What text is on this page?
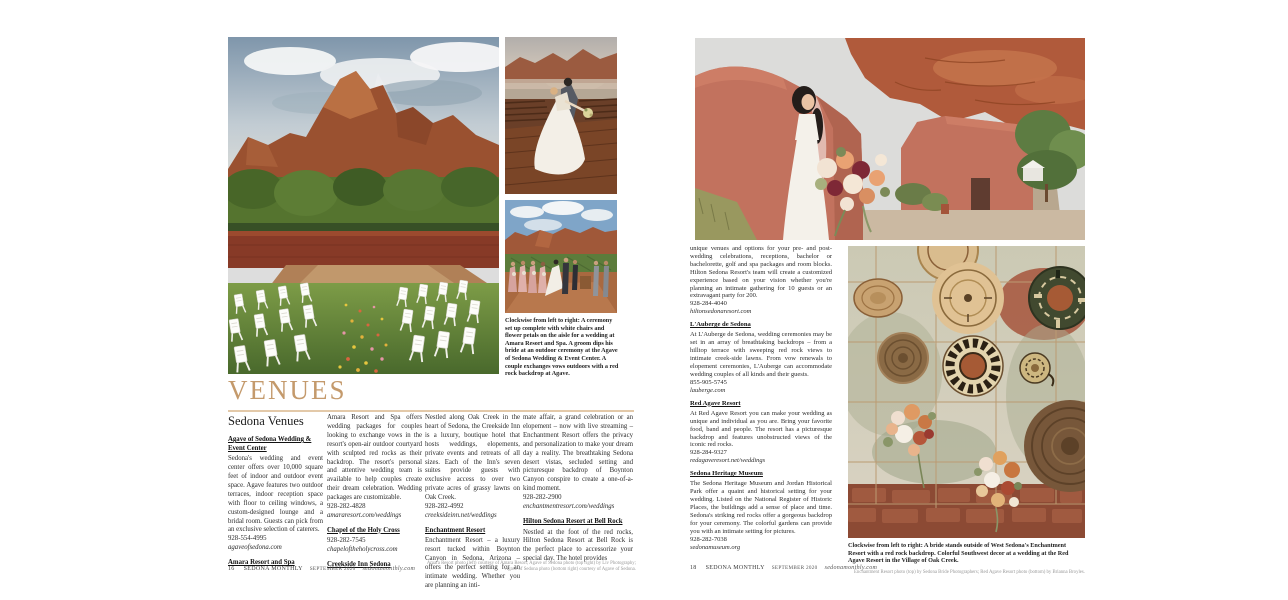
Clockwise from left to right: A ceremony set up complete with white chairs and flower petals on the aisle for a wedding at Amara Resort and Spa. A groom dips his bride at an outdoor ceremony at the Agave of Sedona Wedding & Event Center. A couple exchanges vows outdoors with a red rock backdrop at Agave.
VENUES
Sedona Venues
Agave of Sedona Wedding & Event Center
Sedona's wedding and event center offers over 10,000 square feet of indoor and outdoor event space. Agave features two outdoor terraces, indoor reception space with floor to ceiling windows, a custom-designed lounge and a bridal room. Guests can pick from an exclusive selection of caterers.
928-554-4995
agaveofsedona.com
Amara Resort and Spa
Amara Resort and Spa offers wedding packages for couples looking to exchange vows in the resort's open-air outdoor courtyard with sculpted red rocks as their backdrop. The resort's personal and attentive wedding team is available to help couples create their dream celebration. Wedding packages are customizable.
928-282-4828
amararesort.com/weddings
Chapel of the Holy Cross
928-282-7545
chapeloftheholycross.com
Creekside Inn Sedona
Nestled along Oak Creek in the heart of Sedona, the Creekside Inn is a luxury, boutique hotel that hosts weddings, elopements, private events and retreats of all sizes. Each of the Inn's seven suites provide guests with exclusive access to over two private acres of grassy lawns on Oak Creek.
928-282-4992
creeksideinn.net/weddings
Enchantment Resort
Enchantment Resort – a luxury resort tucked within Boynton Canyon in Sedona, Arizona – offers the perfect setting for an intimate wedding. Whether you are planning an inti-
mate affair, a grand celebration or an elopement – now with live streaming – Enchantment Resort offers the privacy and personalization to make your dream day a reality. The breathtaking Sedona desert vistas, secluded setting and picturesque backdrop of Boynton Canyon conspire to create a one-of-a-kind moment.
928-282-2900
enchantmentresort.com/weddings
Hilton Sedona Resort at Bell Rock
Nestled at the foot of the red rocks, Hilton Sedona Resort at Bell Rock is the perfect place to accessorize your special day. The hotel provides
16 SEDONA MONTHLY SEPTEMBER 2020 sedonamonthly.com
Amara Resort photo (left) courtesy of Amara Resort; Agave of Sedona photo (top right) by Liv Photography;
Agave of Sedona photo (bottom right) courtesy of Agave of Sedona.
unique venues and options for your pre- and post-wedding celebrations, receptions, bachelor or bachelorette, golf and spa packages and room blocks. Hilton Sedona Resort's team will create a customized experience based on your vision whether you're planning an intimate gathering for 10 guests or an extravagant party for 200.
928-284-4040
hiltonsedonaresort.com
L'Auberge de Sedona
At L'Auberge de Sedona, wedding ceremonies may be set in an array of breathtaking backdrops – from a hilltop terrace with sweeping red rock views to intimate creek-side lawns. From vow renewals to elopement ceremonies, L'Auberge can accommodate wedding couples of all kinds and their guests.
855-905-5745
lauberge.com
Red Agave Resort
At Red Agave Resort you can make your wedding as unique and individual as you are. Bring your favorite food, band and people. The resort has a picturesque backdrop and features unobstructed views of the iconic red rocks.
928-284-9327
redagaveresort.net/weddings
Sedona Heritage Museum
The Sedona Heritage Museum and Jordan Historical Park offer a quaint and historical setting for your wedding. Listed on the National Register of Historic Places, the buildings add a sense of place and time. Sedona's striking red rocks offer a gorgeous backdrop for your ceremony. The colorful gardens can provide you with an intimate setting for pictures.
928-282-7038
sedonamuseum.org	Clockwise from left to right: A bride stands outside of West Sedona's Enchantment Resort with a red rock backdrop. Colorful Southwest decor at a wedding at the Red Agave Resort in the Village of Oak Creek.
18 SEDONA MONTHLY SEPTEMBER 2020 sedonamonthly.com
Enchantment Resort photo (top) by Sedona Bride Photographers; Red Agave Resort photo (bottom) by Brianna Broyles.
